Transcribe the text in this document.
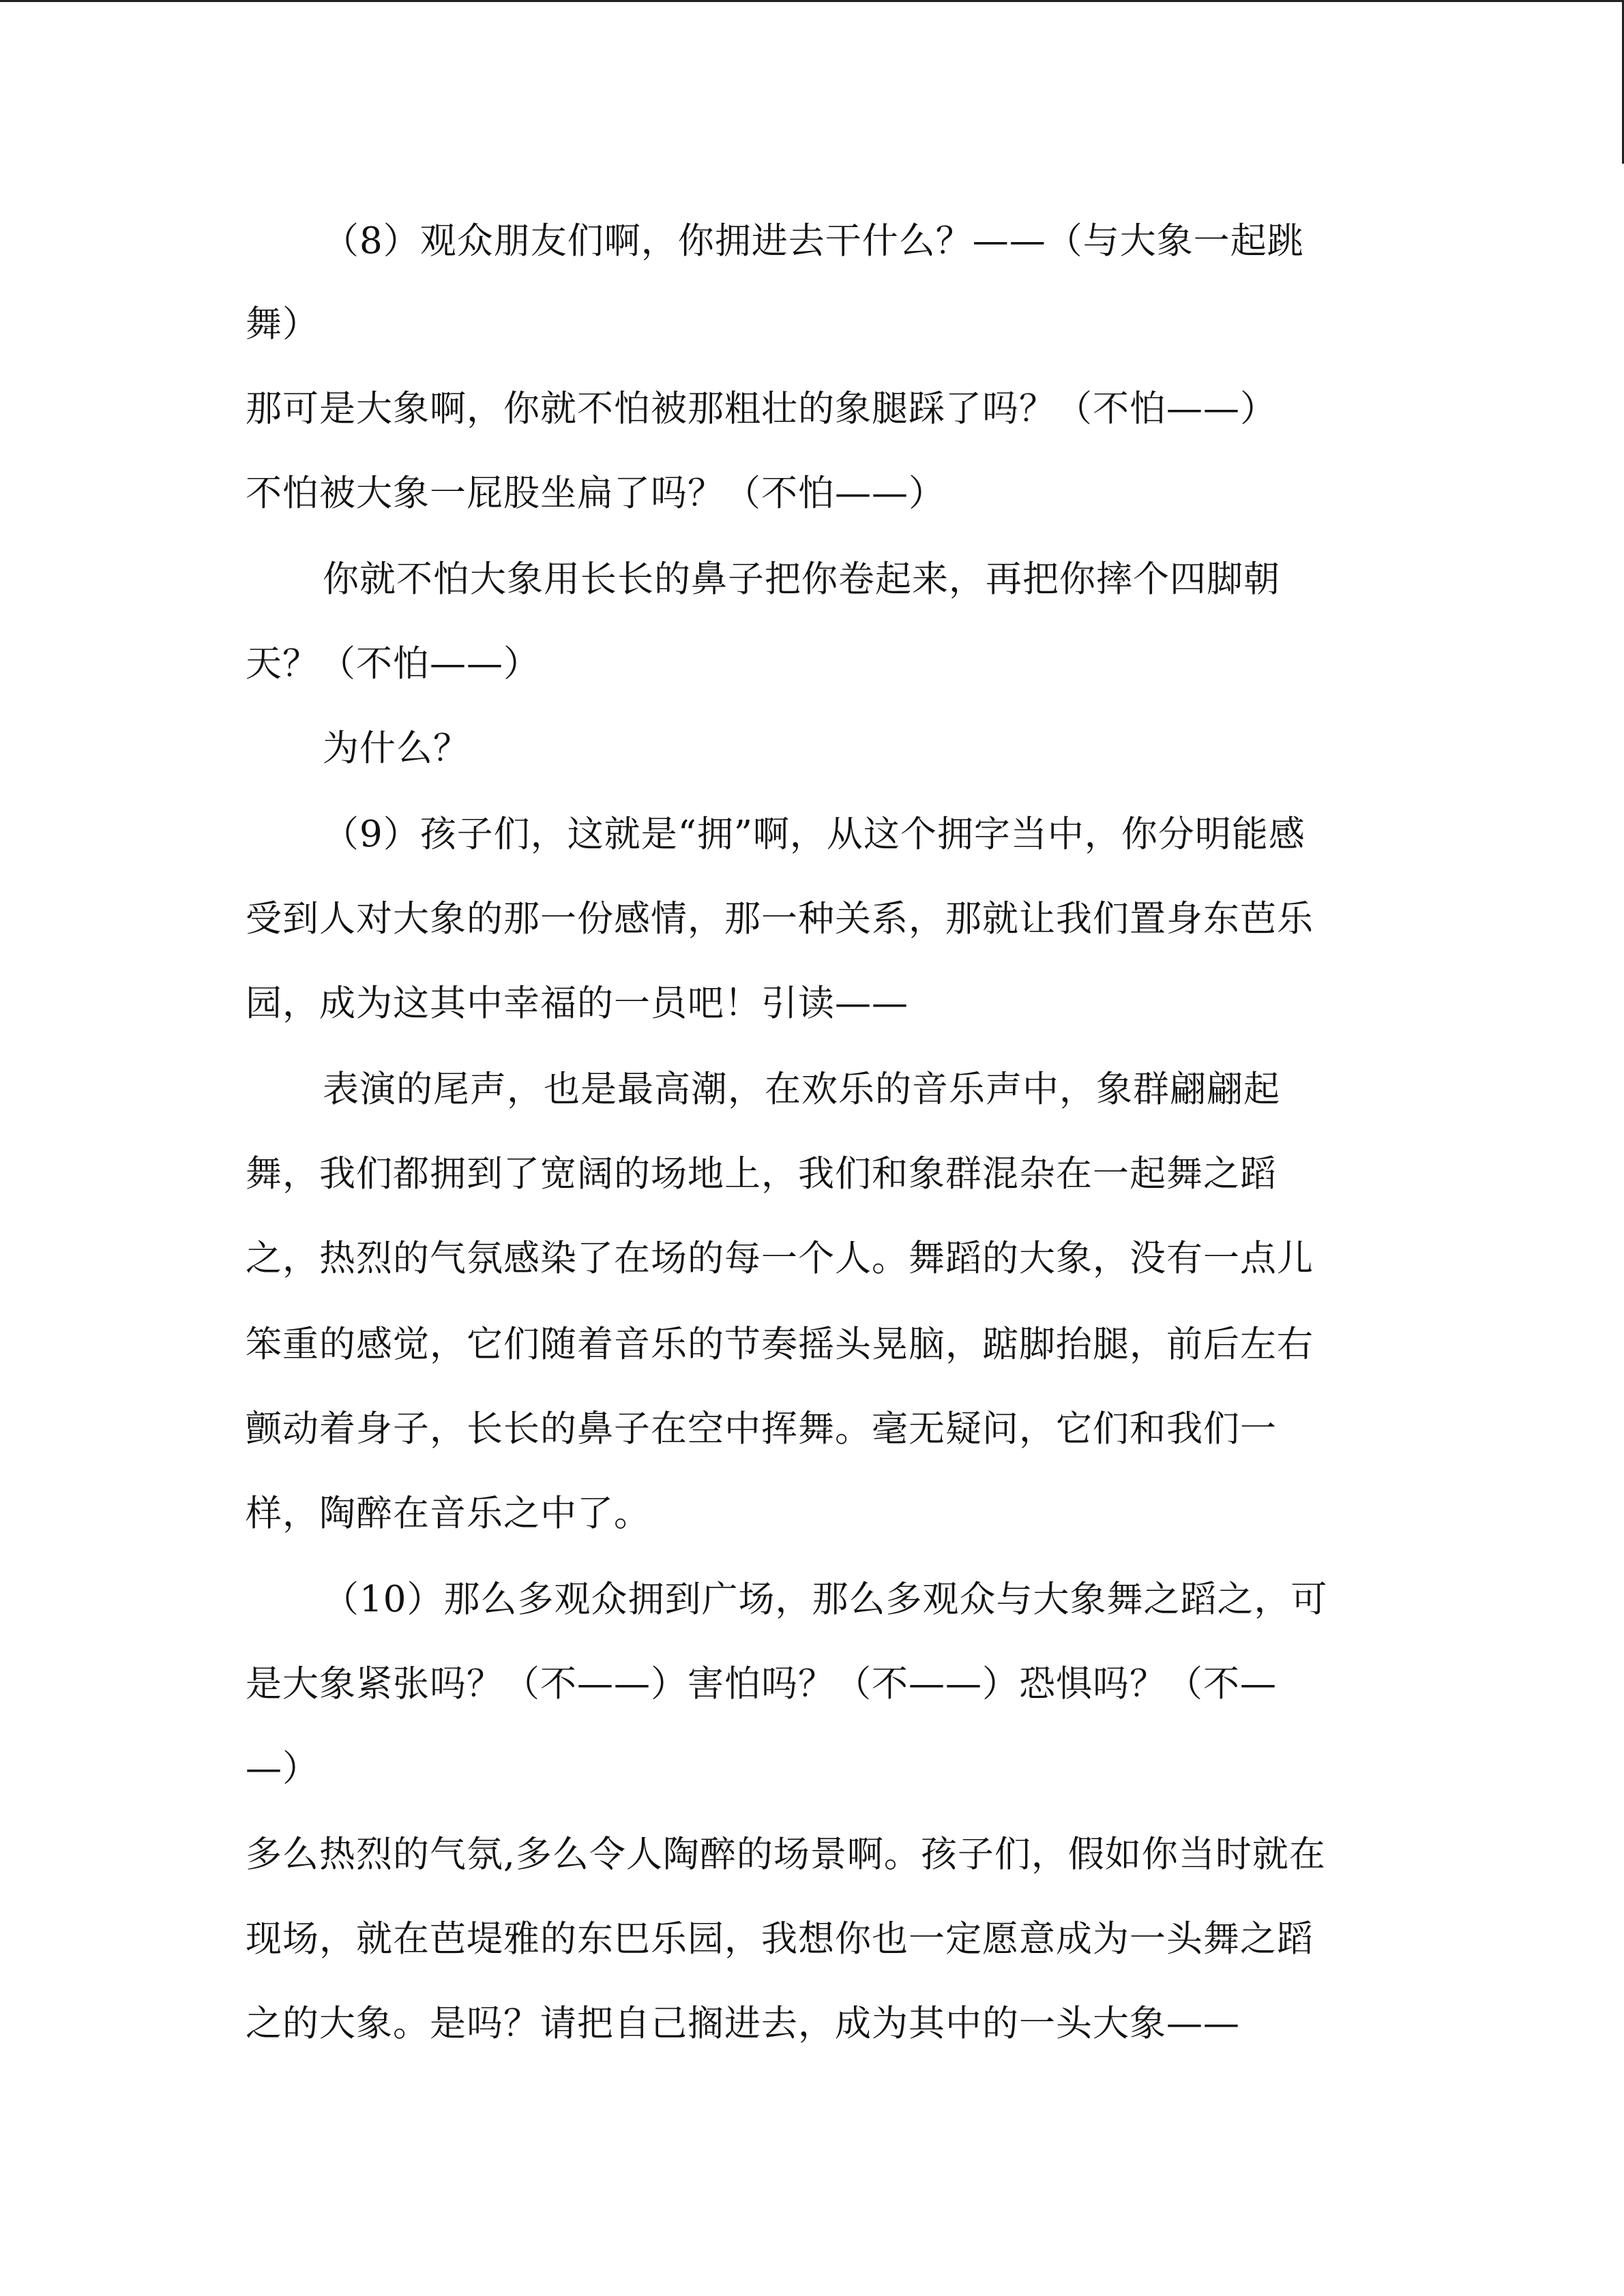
（8）观众朋友们啊，你拥进去干什么？——（与大象一起跳
舞）
那可是大象啊，你就不怕被那粗壮的象腿踩了吗？（不怕——）
不怕被大象一屁股坐扁了吗？（不怕——）
你就不怕大象用长长的鼻子把你卷起来，再把你摔个四脚朝
天？（不怕——）
为什么？
（9）孩子们，这就是“拥”啊，从这个拥字当中，你分明能感
受到人对大象的那一份感情，那一种关系，那就让我们置身东芭乐
园，成为这其中幸福的一员吧！引读——
表演的尾声，也是最高潮，在欢乐的音乐声中，象群翩翩起
舞，我们都拥到了宽阔的场地上，我们和象群混杂在一起舞之蹈
之，热烈的气氛感染了在场的每一个人。舞蹈的大象，没有一点儿
笨重的感觉，它们随着音乐的节奏摇头晃脑，踮脚抬腿，前后左右
颤动着身子，长长的鼻子在空中挥舞。毫无疑问，它们和我们一
样，陶醉在音乐之中了。
（10）那么多观众拥到广场，那么多观众与大象舞之蹈之，可
是大象紧张吗？（不——）害怕吗？（不——）恐惧吗？（不—
—）
多么热烈的气氛,多么令人陶醉的场景啊。孩子们，假如你当时就在
现场，就在芭堤雅的东巴乐园，我想你也一定愿意成为一头舞之蹈
之的大象。是吗？请把自己搁进去，成为其中的一头大象——
